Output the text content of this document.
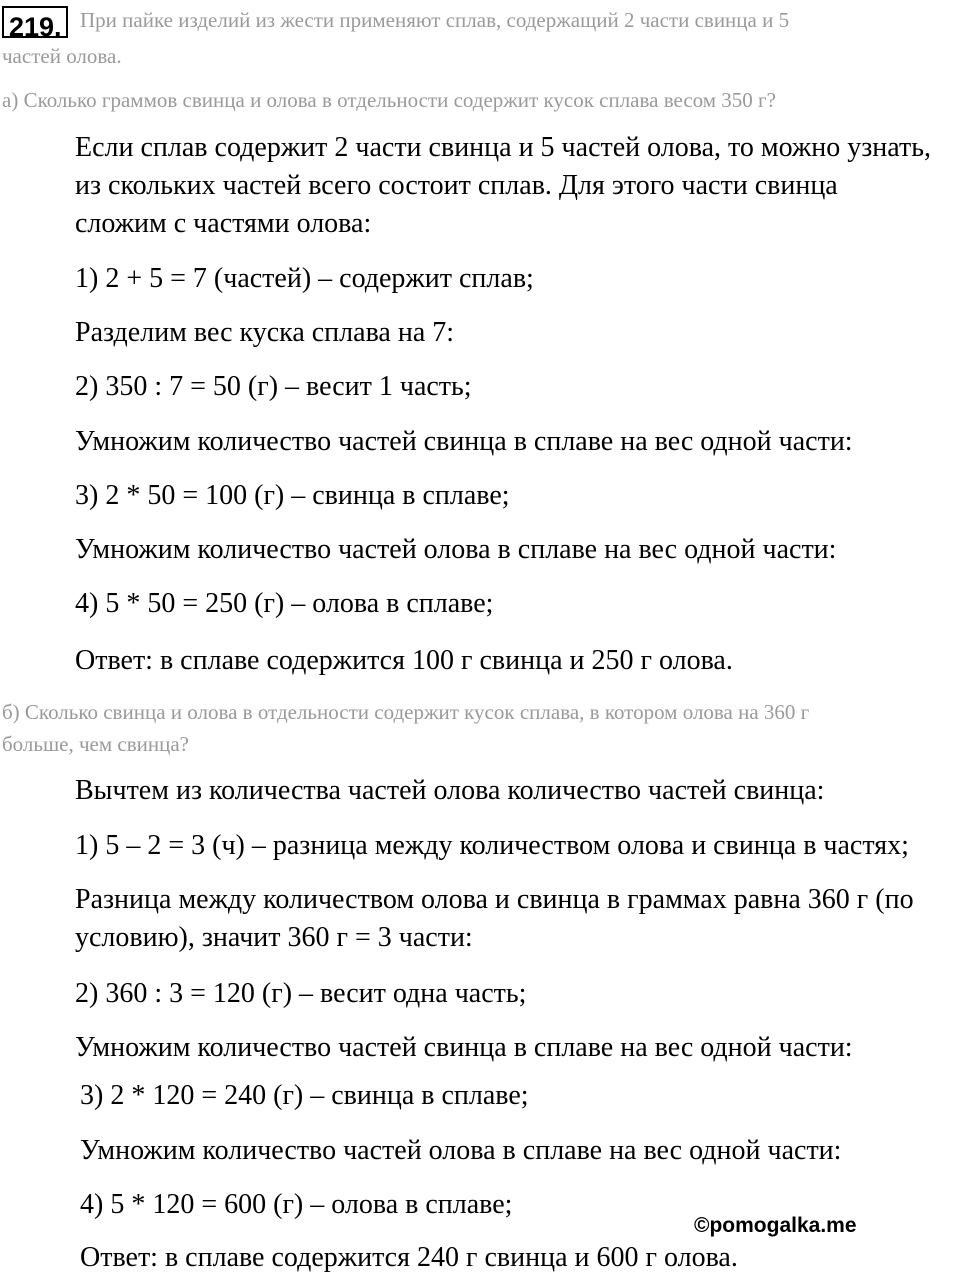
219. При пайке изделий из жести применяют сплав, содержащий 2 части свинца и 5
частей олова.
а) Сколько граммов свинца и олова в отдельности содержит кусок сплава весом 350 г?
Если сплав содержит 2 части свинца и 5 частей олова, то можно узнать,
из скольких частей всего состоит сплав. Для этого части свинца
сложим с частями олова:
1) 2 + 5 = 7 (частей) – содержит сплав;
Разделим вес куска сплава на 7:
2) 350 : 7 = 50 (г) – весит 1 часть;
Умножим количество частей свинца в сплаве на вес одной части:
3) 2 * 50 = 100 (г) – свинца в сплаве;
Умножим количество частей олова в сплаве на вес одной части:
4) 5 * 50 = 250 (г) – олова в сплаве;
Ответ: в сплаве содержится 100 г свинца и 250 г олова.
б) Сколько свинца и олова в отдельности содержит кусок сплава, в котором олова на 360 г
больше, чем свинца?
Вычтем из количества частей олова количество частей свинца:
1) 5 – 2 = 3 (ч) – разница между количеством олова и свинца в частях;
Разница между количеством олова и свинца в граммах равна 360 г (по
условию), значит 360 г = 3 части:
2) 360 : 3 = 120 (г) – весит одна часть;
Умножим количество частей свинца в сплаве на вес одной части:
3) 2 * 120 = 240 (г) – свинца в сплаве;
Умножим количество частей олова в сплаве на вес одной части:
4) 5 * 120 = 600 (г) – олова в сплаве;
Ответ: в сплаве содержится 240 г свинца и 600 г олова.
©pomogalka.me
